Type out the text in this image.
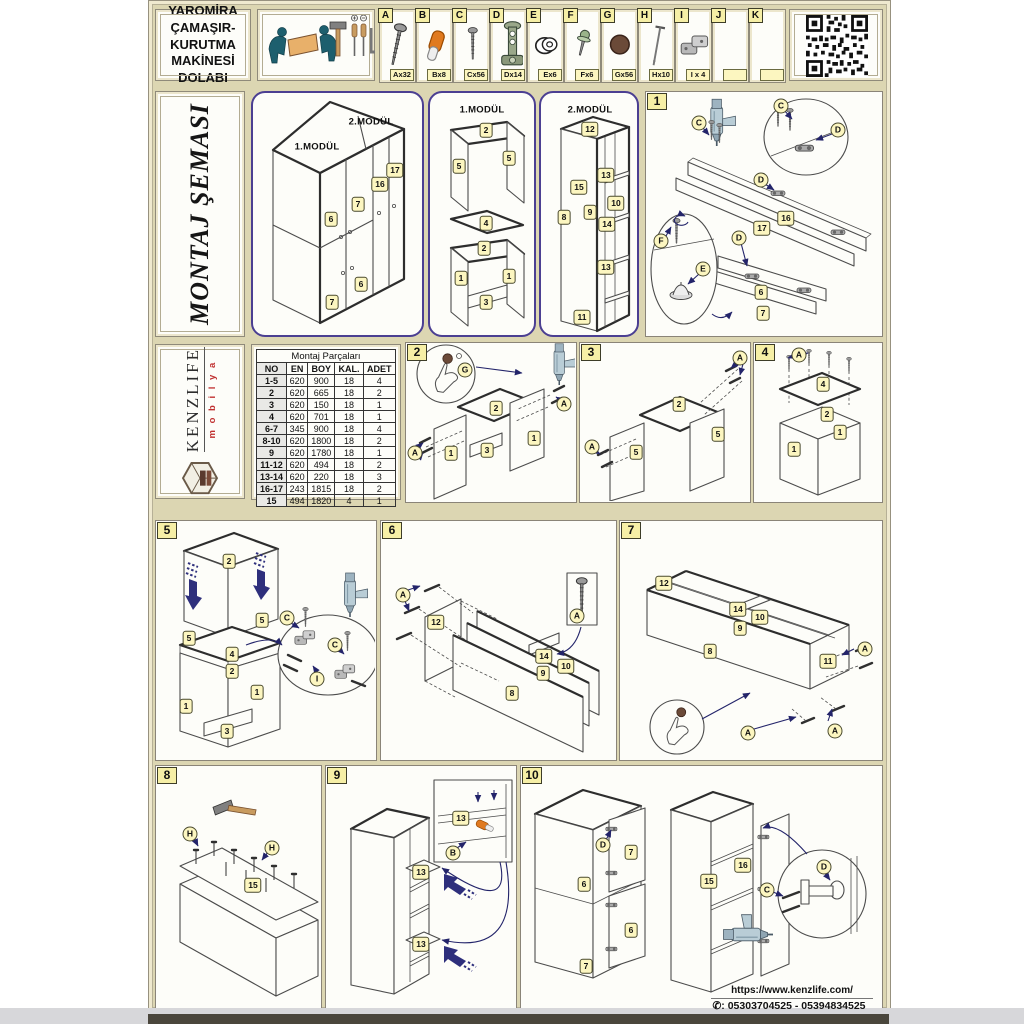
YAROMİRA
ÇAMAŞIR-
KURUTMA
MAKİNESİ
DOLABI
A
Ax32
B
Bx8
C
Cx56
D
Dx14
E
Ex6
F
Fx6
G
Gx56
H
Hx10
I
I x 4
J	K
MONTAJ ŞEMASI	1.MODÜL
2.MODÜL
6
7
16
17
6
7
1.MODÜL
2
5
5
4
2
1	1
3
2.MODÜL
12
13
15
10
9
8
14
13
11
1
C
C
D
D
D
F
E
16
17
6
7
KENZLIFE m o b i l y a
Montaj Parçaları				
NO	EN	BOY	KAL.	ADET
1-5	620	900	18	4
2	620	665	18	2
3	620	150	18	1
4	620	701	18	1
6-7	345	900	18	4
8-10	620	1800	18	2
9	620	1780	18	1
11-12	620	494	18	2
13-14	620	220	18	3
16-17	243	1815	18	2
15	494	1820	4	1
2
G
A
A
2
1
1	3
3	A
A
2
5
5
4	A
4
2
1
1
5
C
C
I
2
5
5
4
2
1
1
3
6
A
A
12
14
10
9
8
7
A
A
A
12
14
10
9
8
11
8
H
H
15
9
B
13
13
13
10
D
C
D
7
6
6
7
15
16
https://www.kenzlife.com/
✆: 05303704525 - 05394834525
